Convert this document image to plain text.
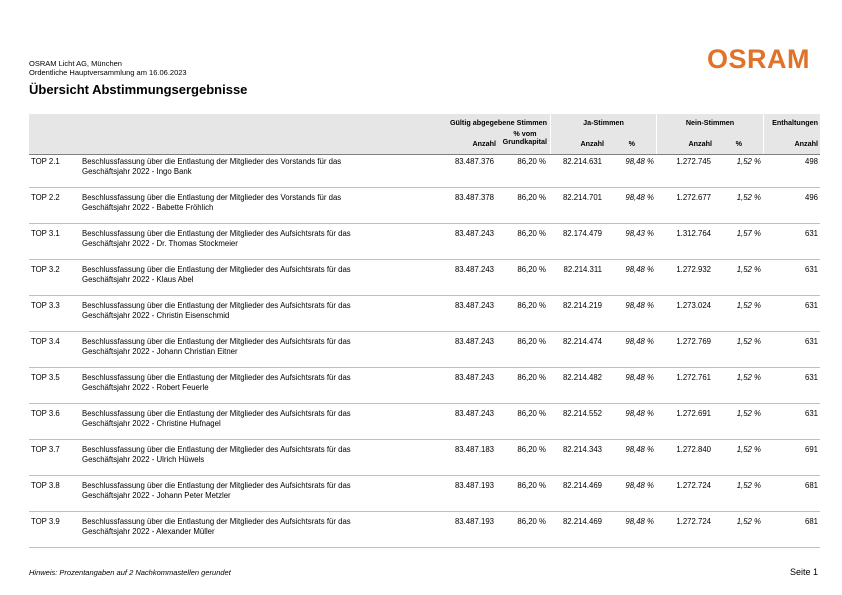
OSRAM Licht AG, München
Ordentliche Hauptversammlung am 16.06.2023
Übersicht Abstimmungsergebnisse
OSRAM
Gültig abgegebene Stimmen
% vom
Grundkapital
Anzahl
Ja-Stimmen
Anzahl	%
Nein-Stimmen
Anzahl	%
Enthaltungen
Anzahl
TOP 2.1	Beschlussfassung über die Entlastung der Mitglieder des Vorstands für das
Geschäftsjahr 2022 - Ingo Bank
83.487.376	86,20 %	82.214.631	98,48 %	1.272.745	1,52 %	498
TOP 2.2	Beschlussfassung über die Entlastung der Mitglieder des Vorstands für das
Geschäftsjahr 2022 - Babette Fröhlich
83.487.378	86,20 %	82.214.701	98,48 %	1.272.677	1,52 %	496
TOP 3.1	Beschlussfassung über die Entlastung der Mitglieder des Aufsichtsrats für das
Geschäftsjahr 2022 - Dr. Thomas Stockmeier
83.487.243	86,20 %	82.174.479	98,43 %	1.312.764	1,57 %	631
TOP 3.2	Beschlussfassung über die Entlastung der Mitglieder des Aufsichtsrats für das
Geschäftsjahr 2022 - Klaus Abel
83.487.243	86,20 %	82.214.311	98,48 %	1.272.932	1,52 %	631
TOP 3.3	Beschlussfassung über die Entlastung der Mitglieder des Aufsichtsrats für das
Geschäftsjahr 2022 - Christin Eisenschmid
83.487.243	86,20 %	82.214.219	98,48 %	1.273.024	1,52 %	631
TOP 3.4	Beschlussfassung über die Entlastung der Mitglieder des Aufsichtsrats für das
Geschäftsjahr 2022 - Johann Christian Eitner
83.487.243	86,20 %	82.214.474	98,48 %	1.272.769	1,52 %	631
TOP 3.5	Beschlussfassung über die Entlastung der Mitglieder des Aufsichtsrats für das
Geschäftsjahr 2022 - Robert Feuerle
83.487.243	86,20 %	82.214.482	98,48 %	1.272.761	1,52 %	631
TOP 3.6	Beschlussfassung über die Entlastung der Mitglieder des Aufsichtsrats für das
Geschäftsjahr 2022 - Christine Hufnagel
83.487.243	86,20 %	82.214.552	98,48 %	1.272.691	1,52 %	631
TOP 3.7	Beschlussfassung über die Entlastung der Mitglieder des Aufsichtsrats für das
Geschäftsjahr 2022 - Ulrich Hüwels
83.487.183	86,20 %	82.214.343	98,48 %	1.272.840	1,52 %	691
TOP 3.8	Beschlussfassung über die Entlastung der Mitglieder des Aufsichtsrats für das
Geschäftsjahr 2022 - Johann Peter Metzler
83.487.193	86,20 %	82.214.469	98,48 %	1.272.724	1,52 %	681
TOP 3.9	Beschlussfassung über die Entlastung der Mitglieder des Aufsichtsrats für das
Geschäftsjahr 2022 - Alexander Müller
83.487.193	86,20 %	82.214.469	98,48 %	1.272.724	1,52 %	681
Hinweis: Prozentangaben auf 2 Nachkommastellen gerundet	Seite 1
